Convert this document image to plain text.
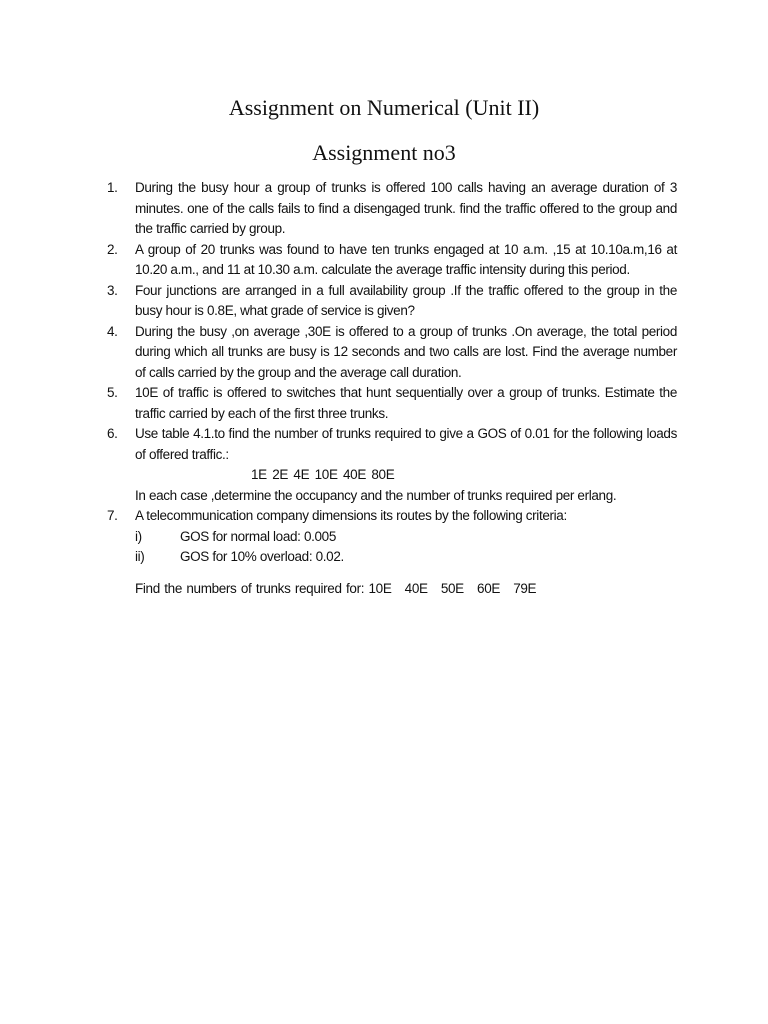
Assignment on Numerical (Unit II)
Assignment no3
1.	During the busy hour a group of trunks is offered 100 calls having an average duration of 3 minutes. one of the calls fails to find a disengaged trunk. find the traffic offered to the group and the traffic carried by group.

2.	A group of 20 trunks was found to have ten trunks engaged at 10 a.m. ,15 at 10.10a.m,16 at 10.20 a.m., and 11 at 10.30 a.m. calculate the average traffic intensity during this period.

3.	Four junctions are arranged in a full availability group .If the traffic offered to the group in the busy hour is 0.8E, what grade of service is given?

4.	During the busy ,on average ,30E is offered to a group of trunks .On average, the total period during which all trunks are busy is 12 seconds and two calls are lost. Find the average number of calls carried by the group and the average call duration.

5.	10E of traffic is offered to switches that hunt sequentially over a group of trunks. Estimate the traffic carried by each of the first three trunks.

6.	Use table 4.1.to find the number of trunks required to give a GOS of 0.01 for the following loads of offered traffic.:

1E 2E 4E 10E 40E 80E
In each case ,determine the occupancy and the number of trunks required per erlang.
7.	A telecommunication company dimensions its routes by the following criteria:

i)	GOS for normal load: 0.005
ii)	GOS for 10% overload: 0.02.
Find the numbers of trunks required for: 10E   40E   50E   60E   79E
